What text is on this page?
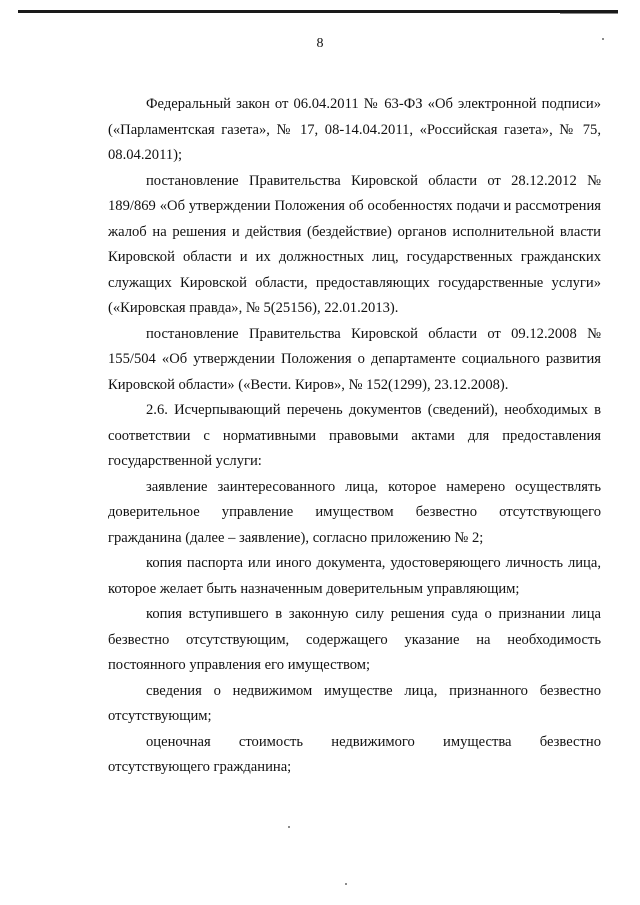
8

Федеральный закон от 06.04.2011 № 63-ФЗ «Об электронной подписи» («Парламентская газета», № 17, 08-14.04.2011, «Российская газета», № 75, 08.04.2011);

постановление Правительства Кировской области от 28.12.2012 № 189/869 «Об утверждении Положения об особенностях подачи и рассмотрения жалоб на решения и действия (бездействие) органов исполнительной власти Кировской области и их должностных лиц, государственных гражданских служащих Кировской области, предоставляющих государственные услуги» («Кировская правда», № 5(25156), 22.01.2013).

постановление Правительства Кировской области от 09.12.2008 № 155/504 «Об утверждении Положения о департаменте социального развития Кировской области» («Вести. Киров», № 152(1299), 23.12.2008).

2.6. Исчерпывающий перечень документов (сведений), необходимых в соответствии с нормативными правовыми актами для предоставления государственной услуги:

заявление заинтересованного лица, которое намерено осуществлять доверительное управление имуществом безвестно отсутствующего гражданина (далее – заявление), согласно приложению № 2;

копия паспорта или иного документа, удостоверяющего личность лица, которое желает быть назначенным доверительным управляющим;

копия вступившего в законную силу решения суда о признании лица безвестно отсутствующим, содержащего указание на необходимость постоянного управления его имуществом;

сведения о недвижимом имуществе лица, признанного безвестно отсутствующим;

оценочная стоимость недвижимого имущества безвестно отсутствующего гражданина;
